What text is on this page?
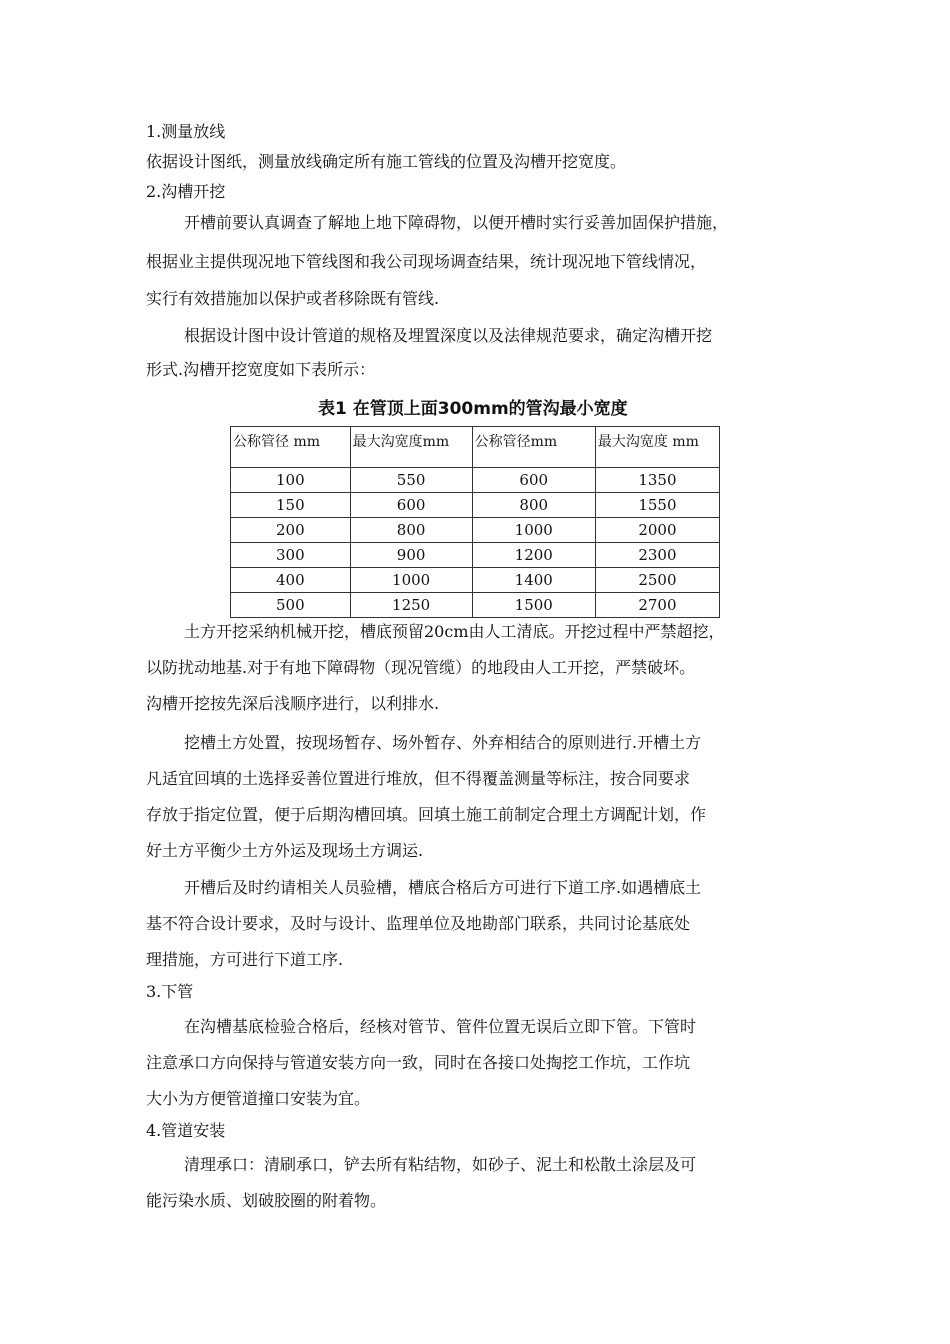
1.测量放线
依据设计图纸，测量放线确定所有施工管线的位置及沟槽开挖宽度。
2.沟槽开挖
开槽前要认真调查了解地上地下障碍物，以便开槽时实行妥善加固保护措施，
根据业主提供现况地下管线图和我公司现场调查结果，统计现况地下管线情况，
实行有效措施加以保护或者移除既有管线.
根据设计图中设计管道的规格及埋置深度以及法律规范要求，确定沟槽开挖
形式.沟槽开挖宽度如下表所示：
表1 在管顶上面300mm的管沟最小宽度
公称管径 mm	最大沟宽度mm	公称管径mm	最大沟宽度 mm
100	550	600	1350
150	600	800	1550
200	800	1000	2000
300	900	1200	2300
400	1000	1400	2500
500	1250	1500	2700
土方开挖采纳机械开挖，槽底预留20cm由人工清底。开挖过程中严禁超挖，
以防扰动地基.对于有地下障碍物（现况管缆）的地段由人工开挖，严禁破坏。
沟槽开挖按先深后浅顺序进行，以利排水.
挖槽土方处置，按现场暂存、场外暂存、外弃相结合的原则进行.开槽土方
凡适宜回填的土选择妥善位置进行堆放，但不得覆盖测量等标注，按合同要求
存放于指定位置，便于后期沟槽回填。回填土施工前制定合理土方调配计划，作
好土方平衡少土方外运及现场土方调运.
开槽后及时约请相关人员验槽，槽底合格后方可进行下道工序.如遇槽底土
基不符合设计要求，及时与设计、监理单位及地勘部门联系，共同讨论基底处
理措施，方可进行下道工序.
3.下管
在沟槽基底检验合格后，经核对管节、管件位置无误后立即下管。下管时
注意承口方向保持与管道安装方向一致，同时在各接口处掏挖工作坑，工作坑
大小为方便管道撞口安装为宜。
4.管道安装
清理承口：清刷承口，铲去所有粘结物，如砂子、泥土和松散土涂层及可
能污染水质、划破胶圈的附着物。
